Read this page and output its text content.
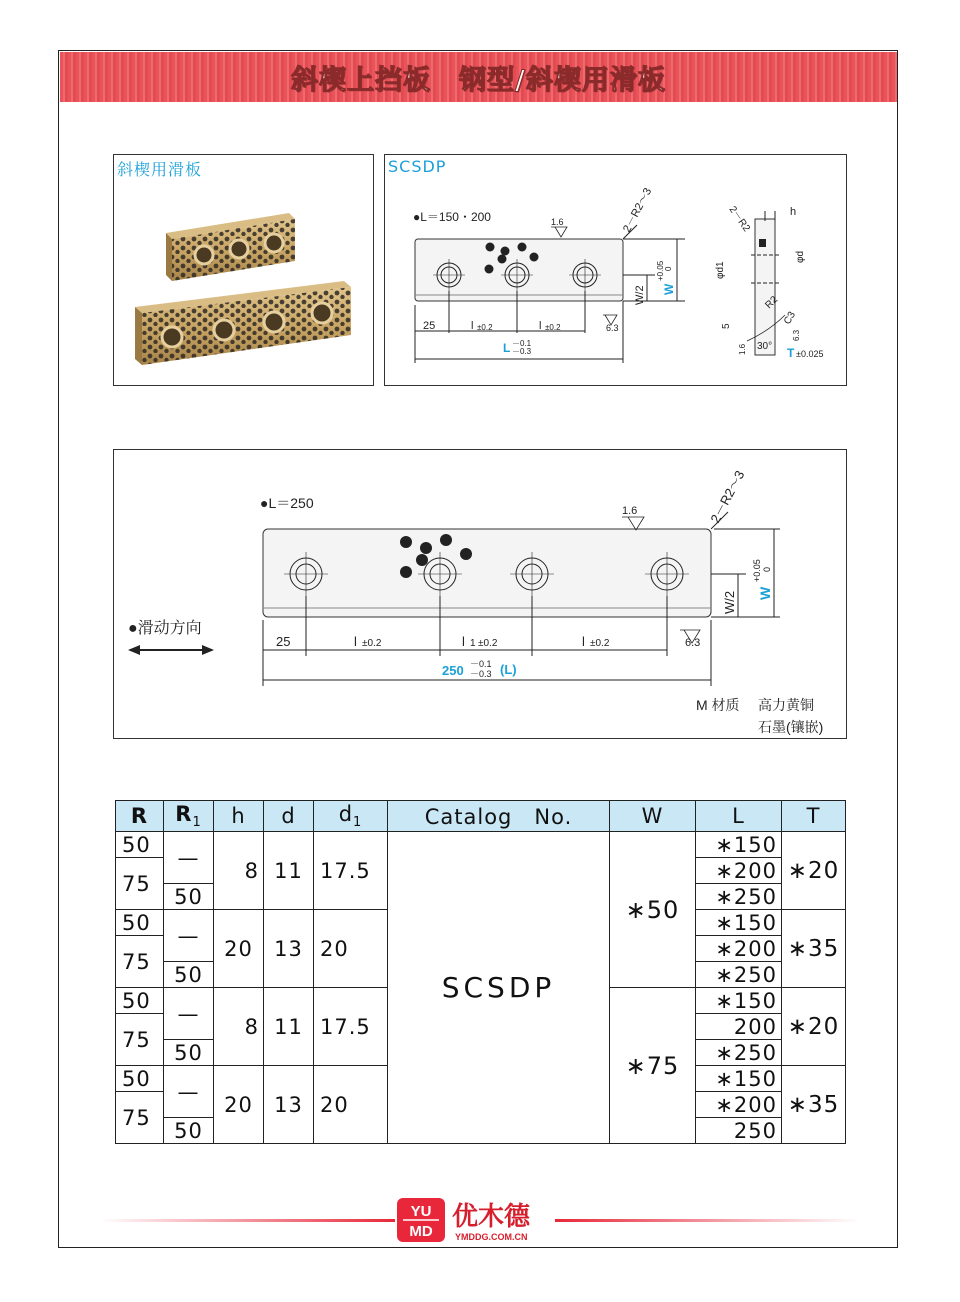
斜楔上挡板　钢型/斜楔用滑板
斜楔用滑板	SCSDP
●L＝150・200	1.6	2－R2～3
25	l ±0.2	l ±0.2
L －0.1
－0.3
6.3
W/2 W
+0.05 0
h
2－R2
φd
φd1
R2
C3
5
1.6
6.3
30° T ±0.025
●L＝250	1.6	2－R2～3
●滑动方向
25	l ±0.2	l 1 ±0.2	l ±0.2
250 －0.1
－0.3 (L)
6.3
W/2 W
+0.05 0
M 材质 高力黄铜
石墨(镶嵌)
R	$R_1$	h	d	$d_1$	Catalog　No.	W	L	T
50	—	8	11	17.5	SCSDP	∗50	∗150	∗20
75							∗200	
	50						∗250	
50	—	20	13	20			∗150	∗35
75							∗200	
	50						∗250	
50	—	8	11	17.5		∗75	∗150	∗20
75							200	
	50						∗250	
50	—	20	13	20			∗150	∗35
75							∗200	
	50						250	
YU
MD
优木德
YMDDG.COM.CN
